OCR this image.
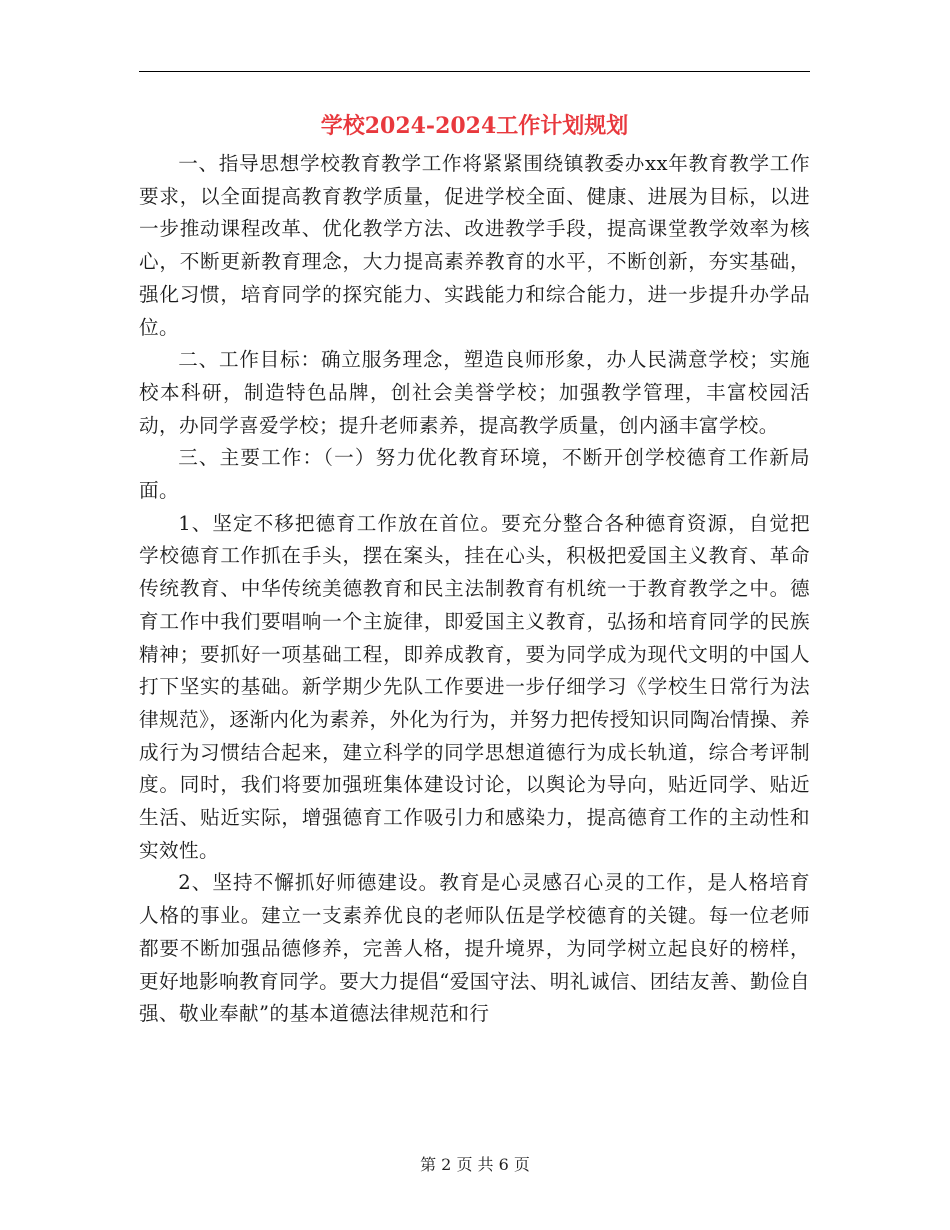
学校2024-2024工作计划规划

一、指导思想学校教育教学工作将紧紧围绕镇教委办xx年教育教学工作要求，以全面提高教育教学质量，促进学校全面、健康、进展为目标，以进一步推动课程改革、优化教学方法、改进教学手段，提高课堂教学效率为核心，不断更新教育理念，大力提高素养教育的水平，不断创新，夯实基础，强化习惯，培育同学的探究能力、实践能力和综合能力，进一步提升办学品位。

二、工作目标：确立服务理念，塑造良师形象，办人民满意学校；实施校本科研，制造特色品牌，创社会美誉学校；加强教学管理，丰富校园活动，办同学喜爱学校；提升老师素养，提高教学质量，创内涵丰富学校。

三、主要工作：（一）努力优化教育环境，不断开创学校德育工作新局面。

1、坚定不移把德育工作放在首位。要充分整合各种德育资源，自觉把学校德育工作抓在手头，摆在案头，挂在心头，积极把爱国主义教育、革命传统教育、中华传统美德教育和民主法制教育有机统一于教育教学之中。德育工作中我们要唱响一个主旋律，即爱国主义教育，弘扬和培育同学的民族精神；要抓好一项基础工程，即养成教育，要为同学成为现代文明的中国人打下坚实的基础。新学期少先队工作要进一步仔细学习《学校生日常行为法律规范》，逐渐内化为素养，外化为行为，并努力把传授知识同陶冶情操、养成行为习惯结合起来，建立科学的同学思想道德行为成长轨道，综合考评制度。同时，我们将要加强班集体建设讨论，以舆论为导向，贴近同学、贴近生活、贴近实际，增强德育工作吸引力和感染力，提高德育工作的主动性和实效性。

2、坚持不懈抓好师德建设。教育是心灵感召心灵的工作，是人格培育人格的事业。建立一支素养优良的老师队伍是学校德育的关键。每一位老师都要不断加强品德修养，完善人格，提升境界，为同学树立起良好的榜样，更好地影响教育同学。要大力提倡“爱国守法、明礼诚信、团结友善、勤俭自强、敬业奉献”的基本道德法律规范和行

第 2 页 共 6 页
